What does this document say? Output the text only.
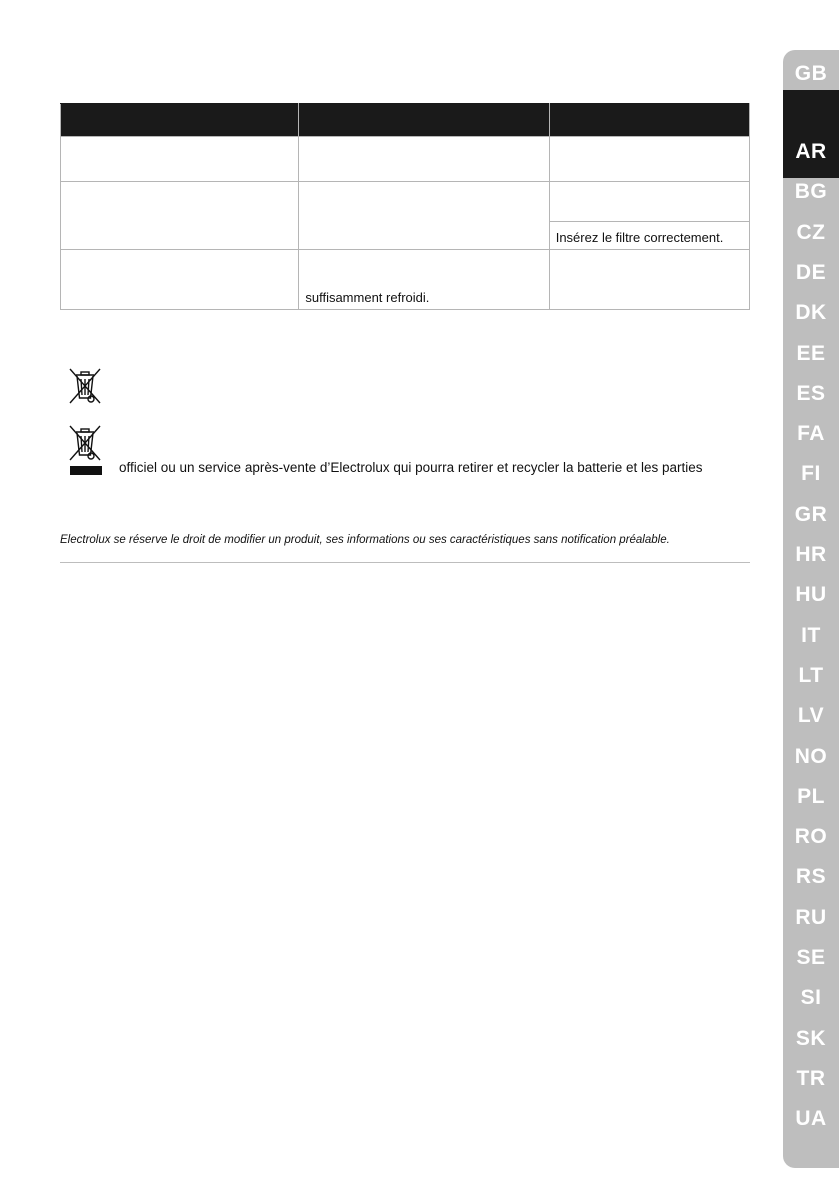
		Insérez le filtre correctement.
	suffisamment refroidi.	
officiel ou un service après-vente d’Electrolux qui pourra retirer et recycler la batterie et les parties
Electrolux se réserve le droit de modifier un produit, ses informations ou ses caractéristiques sans notification préalable.
GB
AR
BG
CZ
DE
DK
EE
ES
FA
FI
GR
HR
HU
IT
LT
LV
NO
PL
RO
RS
RU
SE
SI
SK
TR
UA
